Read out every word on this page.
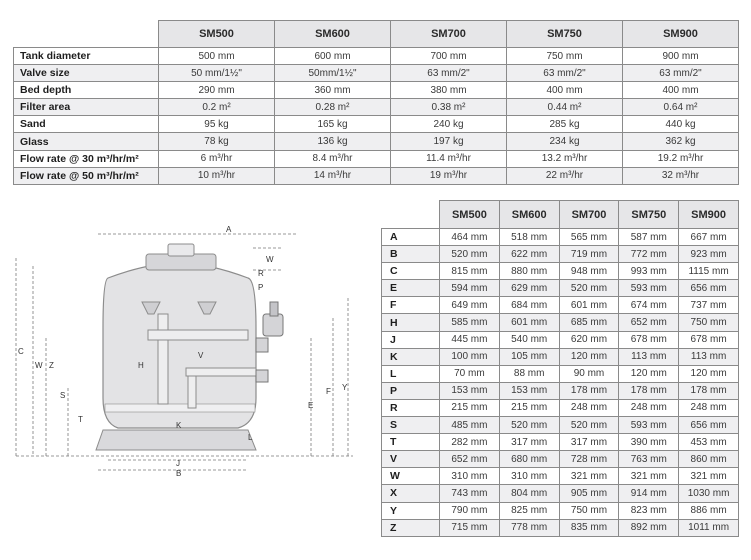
	SM500	SM600	SM700	SM750	SM900
Tank diameter	500 mm	600 mm	700 mm	750 mm	900 mm
Valve size	50 mm/1½"	50mm/1½"	63 mm/2"	63 mm/2"	63 mm/2"
Bed depth	290 mm	360 mm	380 mm	400 mm	400 mm
Filter area	0.2 m²	0.28 m²	0.38 m²	0.44 m²	0.64 m²
Sand	95 kg	165 kg	240 kg	285 kg	440 kg
Glass	78 kg	136 kg	197 kg	234 kg	362 kg
Flow rate @ 30 m³/hr/m²	6 m³/hr	8.4 m³/hr	11.4 m³/hr	13.2 m³/hr	19.2 m³/hr
Flow rate @ 50 m³/hr/m²	10 m³/hr	14 m³/hr	19 m³/hr	22 m³/hr	32 m³/hr
C
W Z
S
T
H
V
K
J
B
L
A
W
R
P
E
F Y
	SM500	SM600	SM700	SM750	SM900
A	464 mm	518 mm	565 mm	587 mm	667 mm
B	520 mm	622 mm	719 mm	772 mm	923 mm
C	815 mm	880 mm	948 mm	993 mm	1115 mm
E	594 mm	629 mm	520 mm	593 mm	656 mm
F	649 mm	684 mm	601 mm	674 mm	737 mm
H	585 mm	601 mm	685 mm	652 mm	750 mm
J	445 mm	540 mm	620 mm	678 mm	678 mm
K	100 mm	105 mm	120 mm	113 mm	113 mm
L	70 mm	88 mm	90 mm	120 mm	120 mm
P	153 mm	153 mm	178 mm	178 mm	178 mm
R	215 mm	215 mm	248 mm	248 mm	248 mm
S	485 mm	520 mm	520 mm	593 mm	656 mm
T	282 mm	317 mm	317 mm	390 mm	453 mm
V	652 mm	680 mm	728 mm	763 mm	860 mm
W	310 mm	310 mm	321 mm	321 mm	321 mm
X	743 mm	804 mm	905 mm	914 mm	1030 mm
Y	790 mm	825 mm	750 mm	823 mm	886 mm
Z	715 mm	778 mm	835 mm	892 mm	1011 mm
